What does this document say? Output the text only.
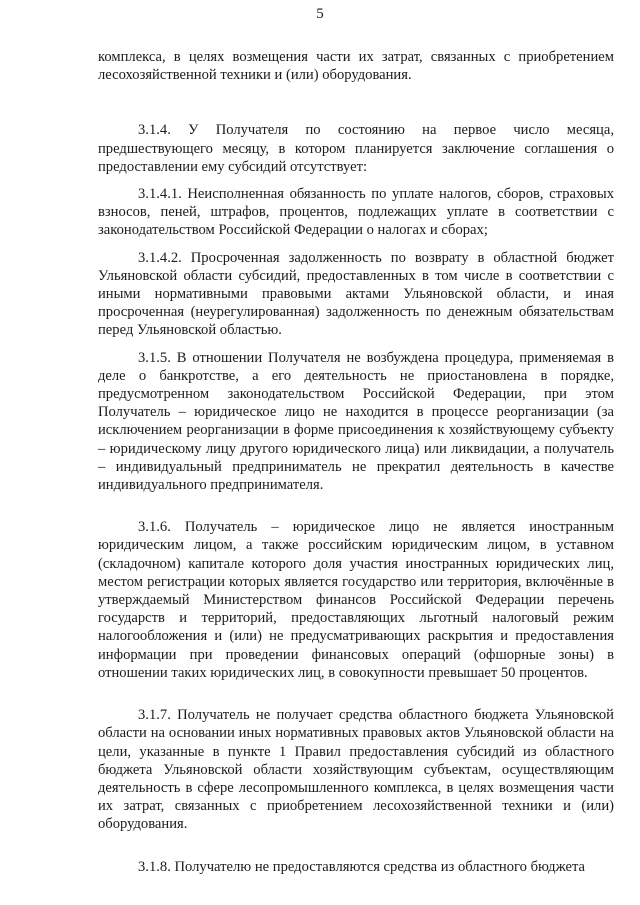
5

комплекса, в целях возмещения части их затрат, связанных с приобретением лесохозяйственной техники и (или) оборудования.

3.1.4. У Получателя по состоянию на первое число месяца, предшествующего месяцу, в котором планируется заключение соглашения о предоставлении ему субсидий отсутствует:

3.1.4.1. Неисполненная обязанность по уплате налогов, сборов, страховых взносов, пеней, штрафов, процентов, подлежащих уплате в соответствии с законодательством Российской Федерации о налогах и сборах;

3.1.4.2. Просроченная задолженность по возврату в областной бюджет Ульяновской области субсидий, предоставленных в том числе в соответствии с иными нормативными правовыми актами Ульяновской области, и иная просроченная (неурегулированная) задолженность по денежным обязательствам перед Ульяновской областью.

3.1.5. В отношении Получателя не возбуждена процедура, применяемая в деле о банкротстве, а его деятельность не приостановлена в порядке, предусмотренном законодательством Российской Федерации, при этом Получатель – юридическое лицо не находится в процессе реорганизации (за исключением реорганизации в форме присоединения к хозяйствующему субъекту – юридическому лицу другого юридического лица) или ликвидации, а получатель – индивидуальный предприниматель не прекратил деятельность в качестве индивидуального предпринимателя.

3.1.6. Получатель – юридическое лицо не является иностранным юридическим лицом, а также российским юридическим лицом, в уставном (складочном) капитале которого доля участия иностранных юридических лиц, местом регистрации которых является государство или территория, включённые в утверждаемый Министерством финансов Российской Федерации перечень государств и территорий, предоставляющих льготный налоговый режим налогообложения и (или) не предусматривающих раскрытия и предоставления информации при проведении финансовых операций (офшорные зоны) в отношении таких юридических лиц, в совокупности превышает 50 процентов.

3.1.7. Получатель не получает средства областного бюджета Ульяновской области на основании иных нормативных правовых актов Ульяновской области на цели, указанные в пункте 1 Правил предоставления субсидий из областного бюджета Ульяновской области хозяйствующим субъектам, осуществляющим деятельность в сфере лесопромышленного комплекса, в целях возмещения части их затрат, связанных с приобретением лесохозяйственной техники и (или) оборудования.

3.1.8. Получателю не предоставляются средства из областного бюджета
